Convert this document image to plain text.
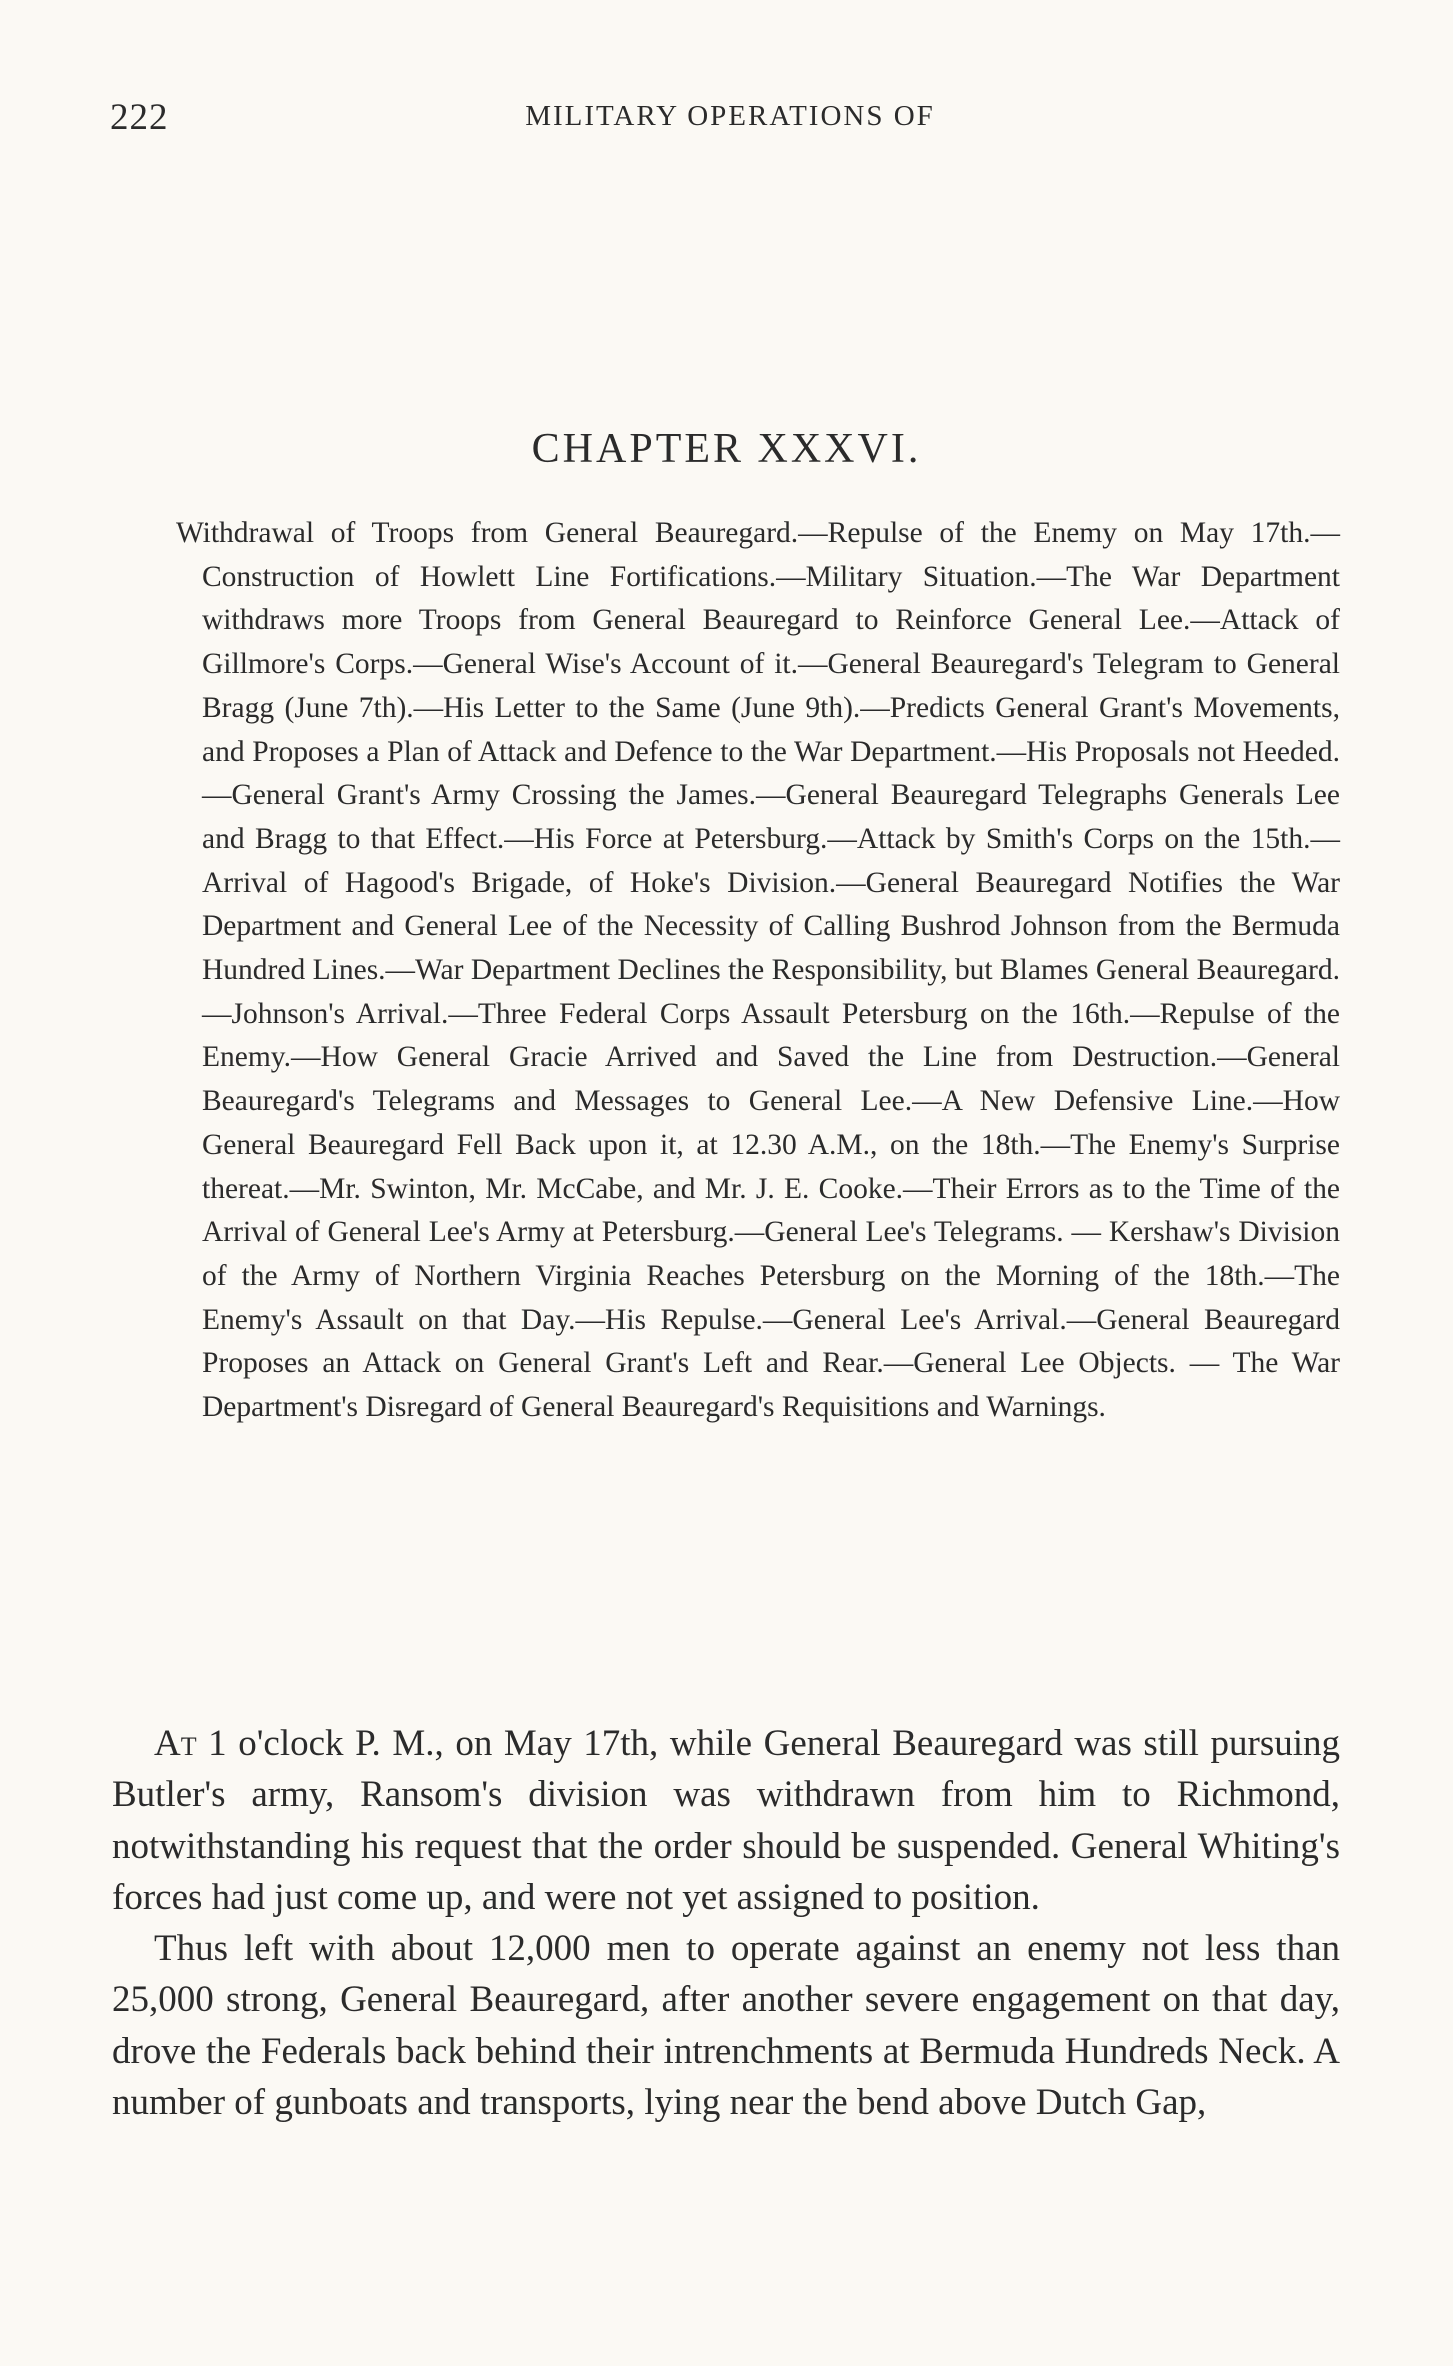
222	MILITARY OPERATIONS OF
CHAPTER XXXVI.

Withdrawal of Troops from General Beauregard.—Repulse of the Enemy on May 17th.—Construction of Howlett Line Fortifications.—Military Situation.—The War Department withdraws more Troops from General Beauregard to Reinforce General Lee.—Attack of Gillmore's Corps.—General Wise's Account of it.—General Beauregard's Telegram to General Bragg (June 7th).—His Letter to the Same (June 9th).—Predicts General Grant's Movements, and Proposes a Plan of Attack and Defence to the War Department.—His Proposals not Heeded.—General Grant's Army Crossing the James.—General Beauregard Telegraphs Generals Lee and Bragg to that Effect.—His Force at Petersburg.—Attack by Smith's Corps on the 15th.—Arrival of Hagood's Brigade, of Hoke's Division.—General Beauregard Notifies the War Department and General Lee of the Necessity of Calling Bushrod Johnson from the Bermuda Hundred Lines.—War Department Declines the Responsibility, but Blames General Beauregard.—Johnson's Arrival.—Three Federal Corps Assault Petersburg on the 16th.—Repulse of the Enemy.—How General Gracie Arrived and Saved the Line from Destruction.—General Beauregard's Telegrams and Messages to General Lee.—A New Defensive Line.—How General Beauregard Fell Back upon it, at 12.30 A.M., on the 18th.—The Enemy's Surprise thereat.—Mr. Swinton, Mr. McCabe, and Mr. J. E. Cooke.—Their Errors as to the Time of the Arrival of General Lee's Army at Petersburg.—General Lee's Telegrams. — Kershaw's Division of the Army of Northern Virginia Reaches Petersburg on the Morning of the 18th.—The Enemy's Assault on that Day.—His Repulse.—General Lee's Arrival.—General Beauregard Proposes an Attack on General Grant's Left and Rear.—General Lee Objects. — The War Department's Disregard of General Beauregard's Requisitions and Warnings.

At 1 o'clock P. M., on May 17th, while General Beauregard was still pursuing Butler's army, Ransom's division was withdrawn from him to Richmond, notwithstanding his request that the order should be suspended. General Whiting's forces had just come up, and were not yet assigned to position.

Thus left with about 12,000 men to operate against an enemy not less than 25,000 strong, General Beauregard, after another severe engagement on that day, drove the Federals back behind their intrenchments at Bermuda Hundreds Neck. A number of gunboats and transports, lying near the bend above Dutch Gap,
